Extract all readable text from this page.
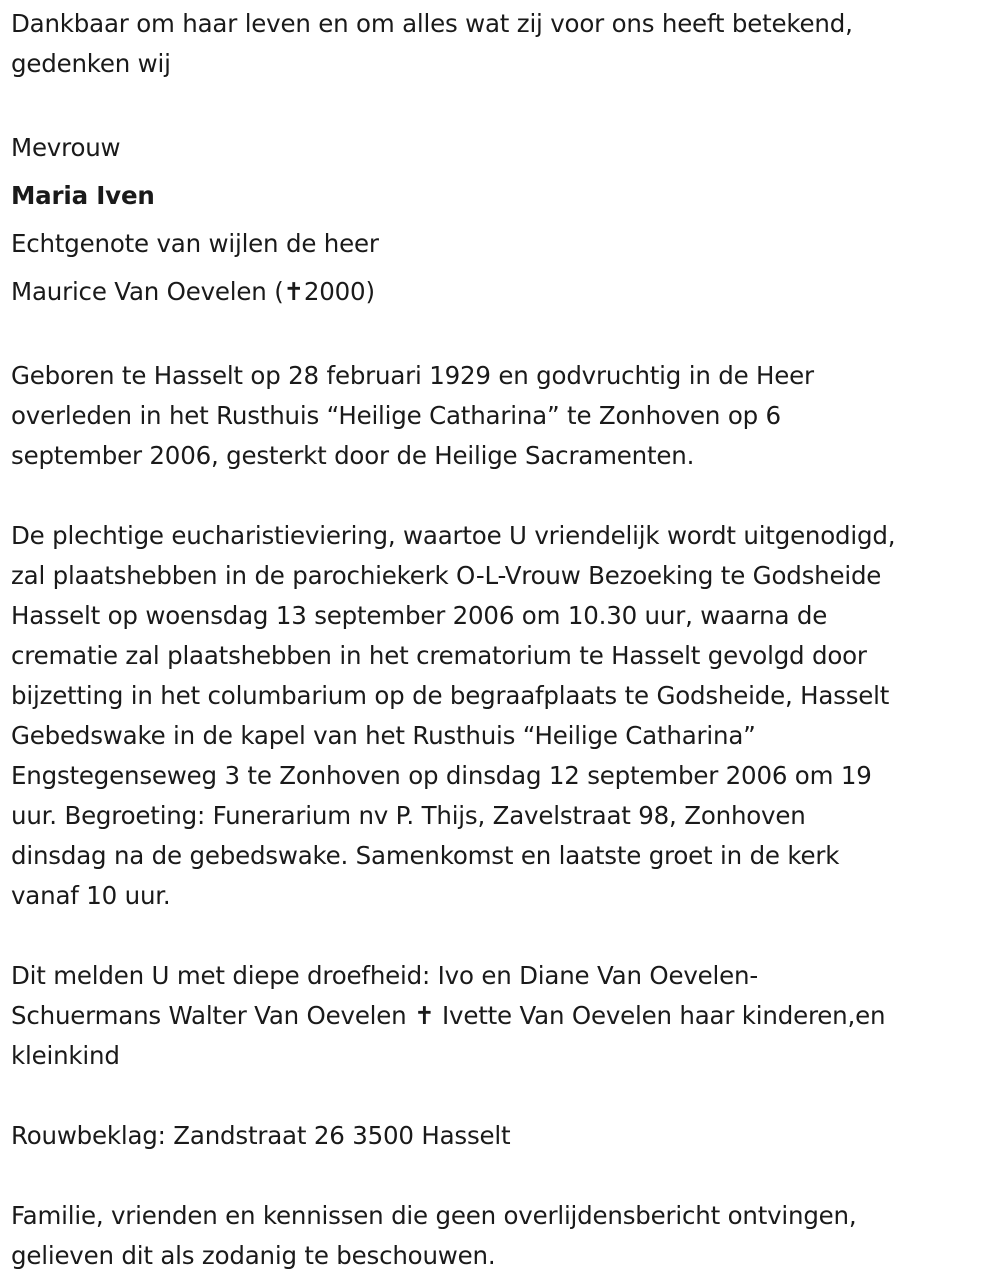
Dankbaar om haar leven en om alles wat zij voor ons heeft betekend,
gedenken wij
Mevrouw
Maria Iven
Echtgenote van wijlen de heer
Maurice Van Oevelen (✝2000)
Geboren te Hasselt op 28 februari 1929 en godvruchtig in de Heer
overleden in het Rusthuis “Heilige Catharina” te Zonhoven op 6
september 2006, gesterkt door de Heilige Sacramenten.
De plechtige eucharistieviering, waartoe U vriendelijk wordt uitgenodigd,
zal plaatshebben in de parochiekerk O-L-Vrouw Bezoeking te Godsheide
Hasselt op woensdag 13 september 2006 om 10.30 uur, waarna de
crematie zal plaatshebben in het crematorium te Hasselt gevolgd door
bijzetting in het columbarium op de begraafplaats te Godsheide, Hasselt
Gebedswake in de kapel van het Rusthuis “Heilige Catharina”
Engstegenseweg 3 te Zonhoven op dinsdag 12 september 2006 om 19
uur. Begroeting: Funerarium nv P. Thijs, Zavelstraat 98, Zonhoven
dinsdag na de gebedswake. Samenkomst en laatste groet in de kerk
vanaf 10 uur.
Dit melden U met diepe droefheid: Ivo en Diane Van Oevelen-
Schuermans Walter Van Oevelen ✝ Ivette Van Oevelen haar kinderen,en
kleinkind
Rouwbeklag: Zandstraat 26 3500 Hasselt
Familie, vrienden en kennissen die geen overlijdensbericht ontvingen,
gelieven dit als zodanig te beschouwen.
